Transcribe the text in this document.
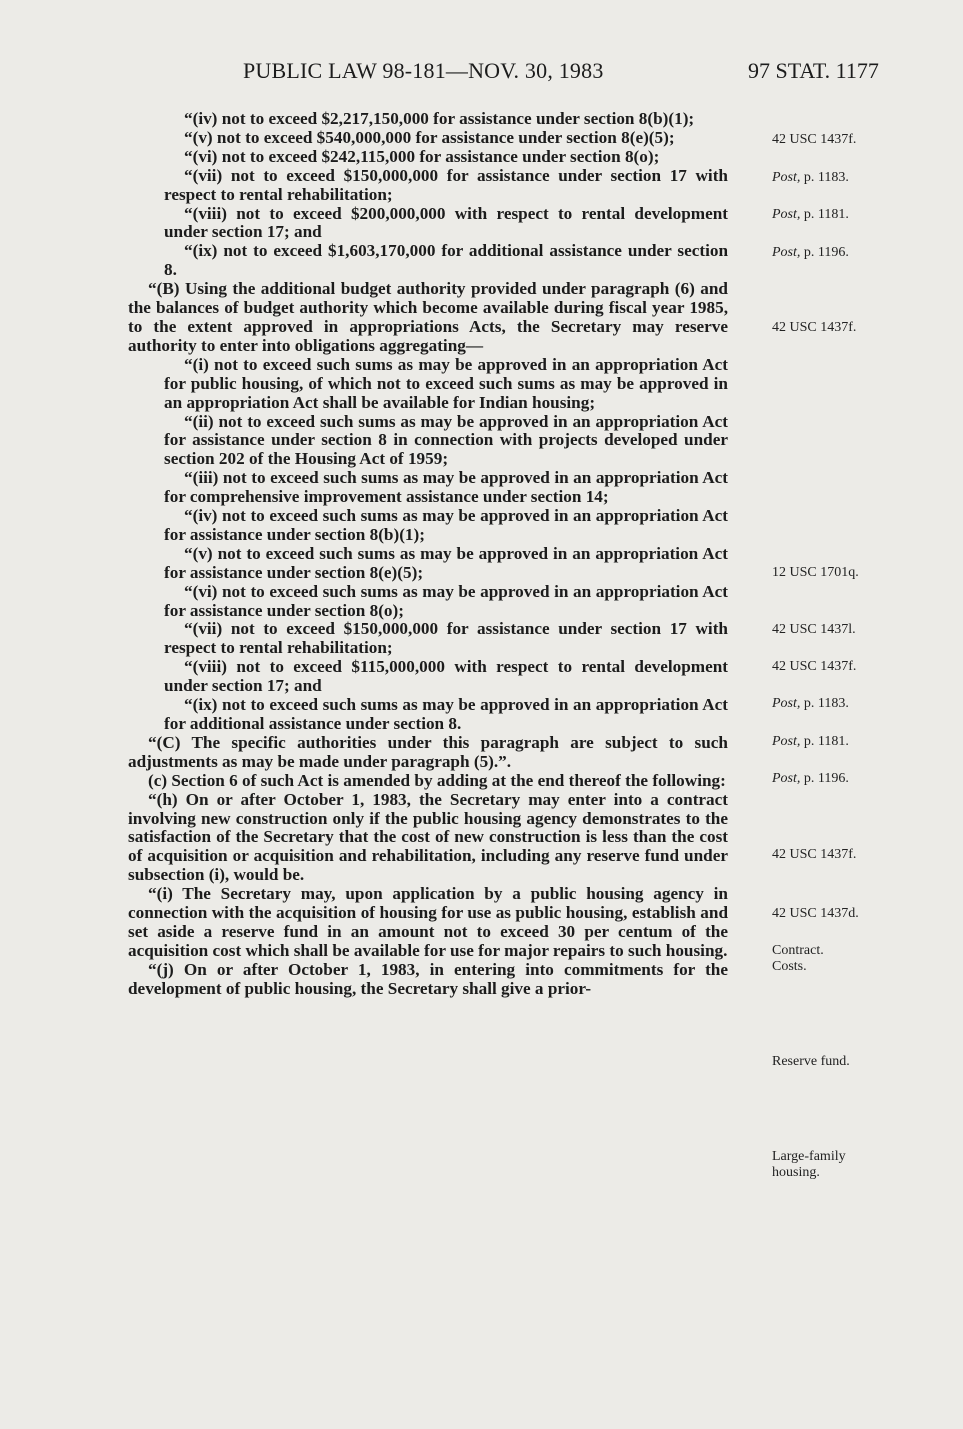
PUBLIC LAW 98-181—NOV. 30, 1983	97 STAT. 1177

“(iv) not to exceed $2,217,150,000 for assistance under section 8(b)(1);

“(v) not to exceed $540,000,000 for assistance under section 8(e)(5);

“(vi) not to exceed $242,115,000 for assistance under section 8(o);

“(vii) not to exceed $150,000,000 for assistance under section 17 with respect to rental rehabilitation;

“(viii) not to exceed $200,000,000 with respect to rental development under section 17; and

“(ix) not to exceed $1,603,170,000 for additional assistance under section 8.

“(B) Using the additional budget authority provided under paragraph (6) and the balances of budget authority which become available during fiscal year 1985, to the extent approved in appropriations Acts, the Secretary may reserve authority to enter into obligations aggregating—

“(i) not to exceed such sums as may be approved in an appropriation Act for public housing, of which not to exceed such sums as may be approved in an appropriation Act shall be available for Indian housing;

“(ii) not to exceed such sums as may be approved in an appropriation Act for assistance under section 8 in connection with projects developed under section 202 of the Housing Act of 1959;

“(iii) not to exceed such sums as may be approved in an appropriation Act for comprehensive improvement assistance under section 14;

“(iv) not to exceed such sums as may be approved in an appropriation Act for assistance under section 8(b)(1);

“(v) not to exceed such sums as may be approved in an appropriation Act for assistance under section 8(e)(5);

“(vi) not to exceed such sums as may be approved in an appropriation Act for assistance under section 8(o);

“(vii) not to exceed $150,000,000 for assistance under section 17 with respect to rental rehabilitation;

“(viii) not to exceed $115,000,000 with respect to rental development under section 17; and

“(ix) not to exceed such sums as may be approved in an appropriation Act for additional assistance under section 8.

“(C) The specific authorities under this paragraph are subject to such adjustments as may be made under paragraph (5).”.

(c) Section 6 of such Act is amended by adding at the end thereof the following:

“(h) On or after October 1, 1983, the Secretary may enter into a contract involving new construction only if the public housing agency demonstrates to the satisfaction of the Secretary that the cost of new construction is less than the cost of acquisition or acquisition and rehabilitation, including any reserve fund under subsection (i), would be.

“(i) The Secretary may, upon application by a public housing agency in connection with the acquisition of housing for use as public housing, establish and set aside a reserve fund in an amount not to exceed 30 per centum of the acquisition cost which shall be available for use for major repairs to such housing.

“(j) On or after October 1, 1983, in entering into commitments for the development of public housing, the Secretary shall give a prior-

42 USC 1437f.
Post, p. 1183.
Post, p. 1181.
Post, p. 1196.
42 USC 1437f.
12 USC 1701q.
42 USC 1437l.
42 USC 1437f.
Post, p. 1183.
Post, p. 1181.
Post, p. 1196.
42 USC 1437f.
42 USC 1437d.
Contract.
Costs.
Reserve fund.
Large-family
housing.
